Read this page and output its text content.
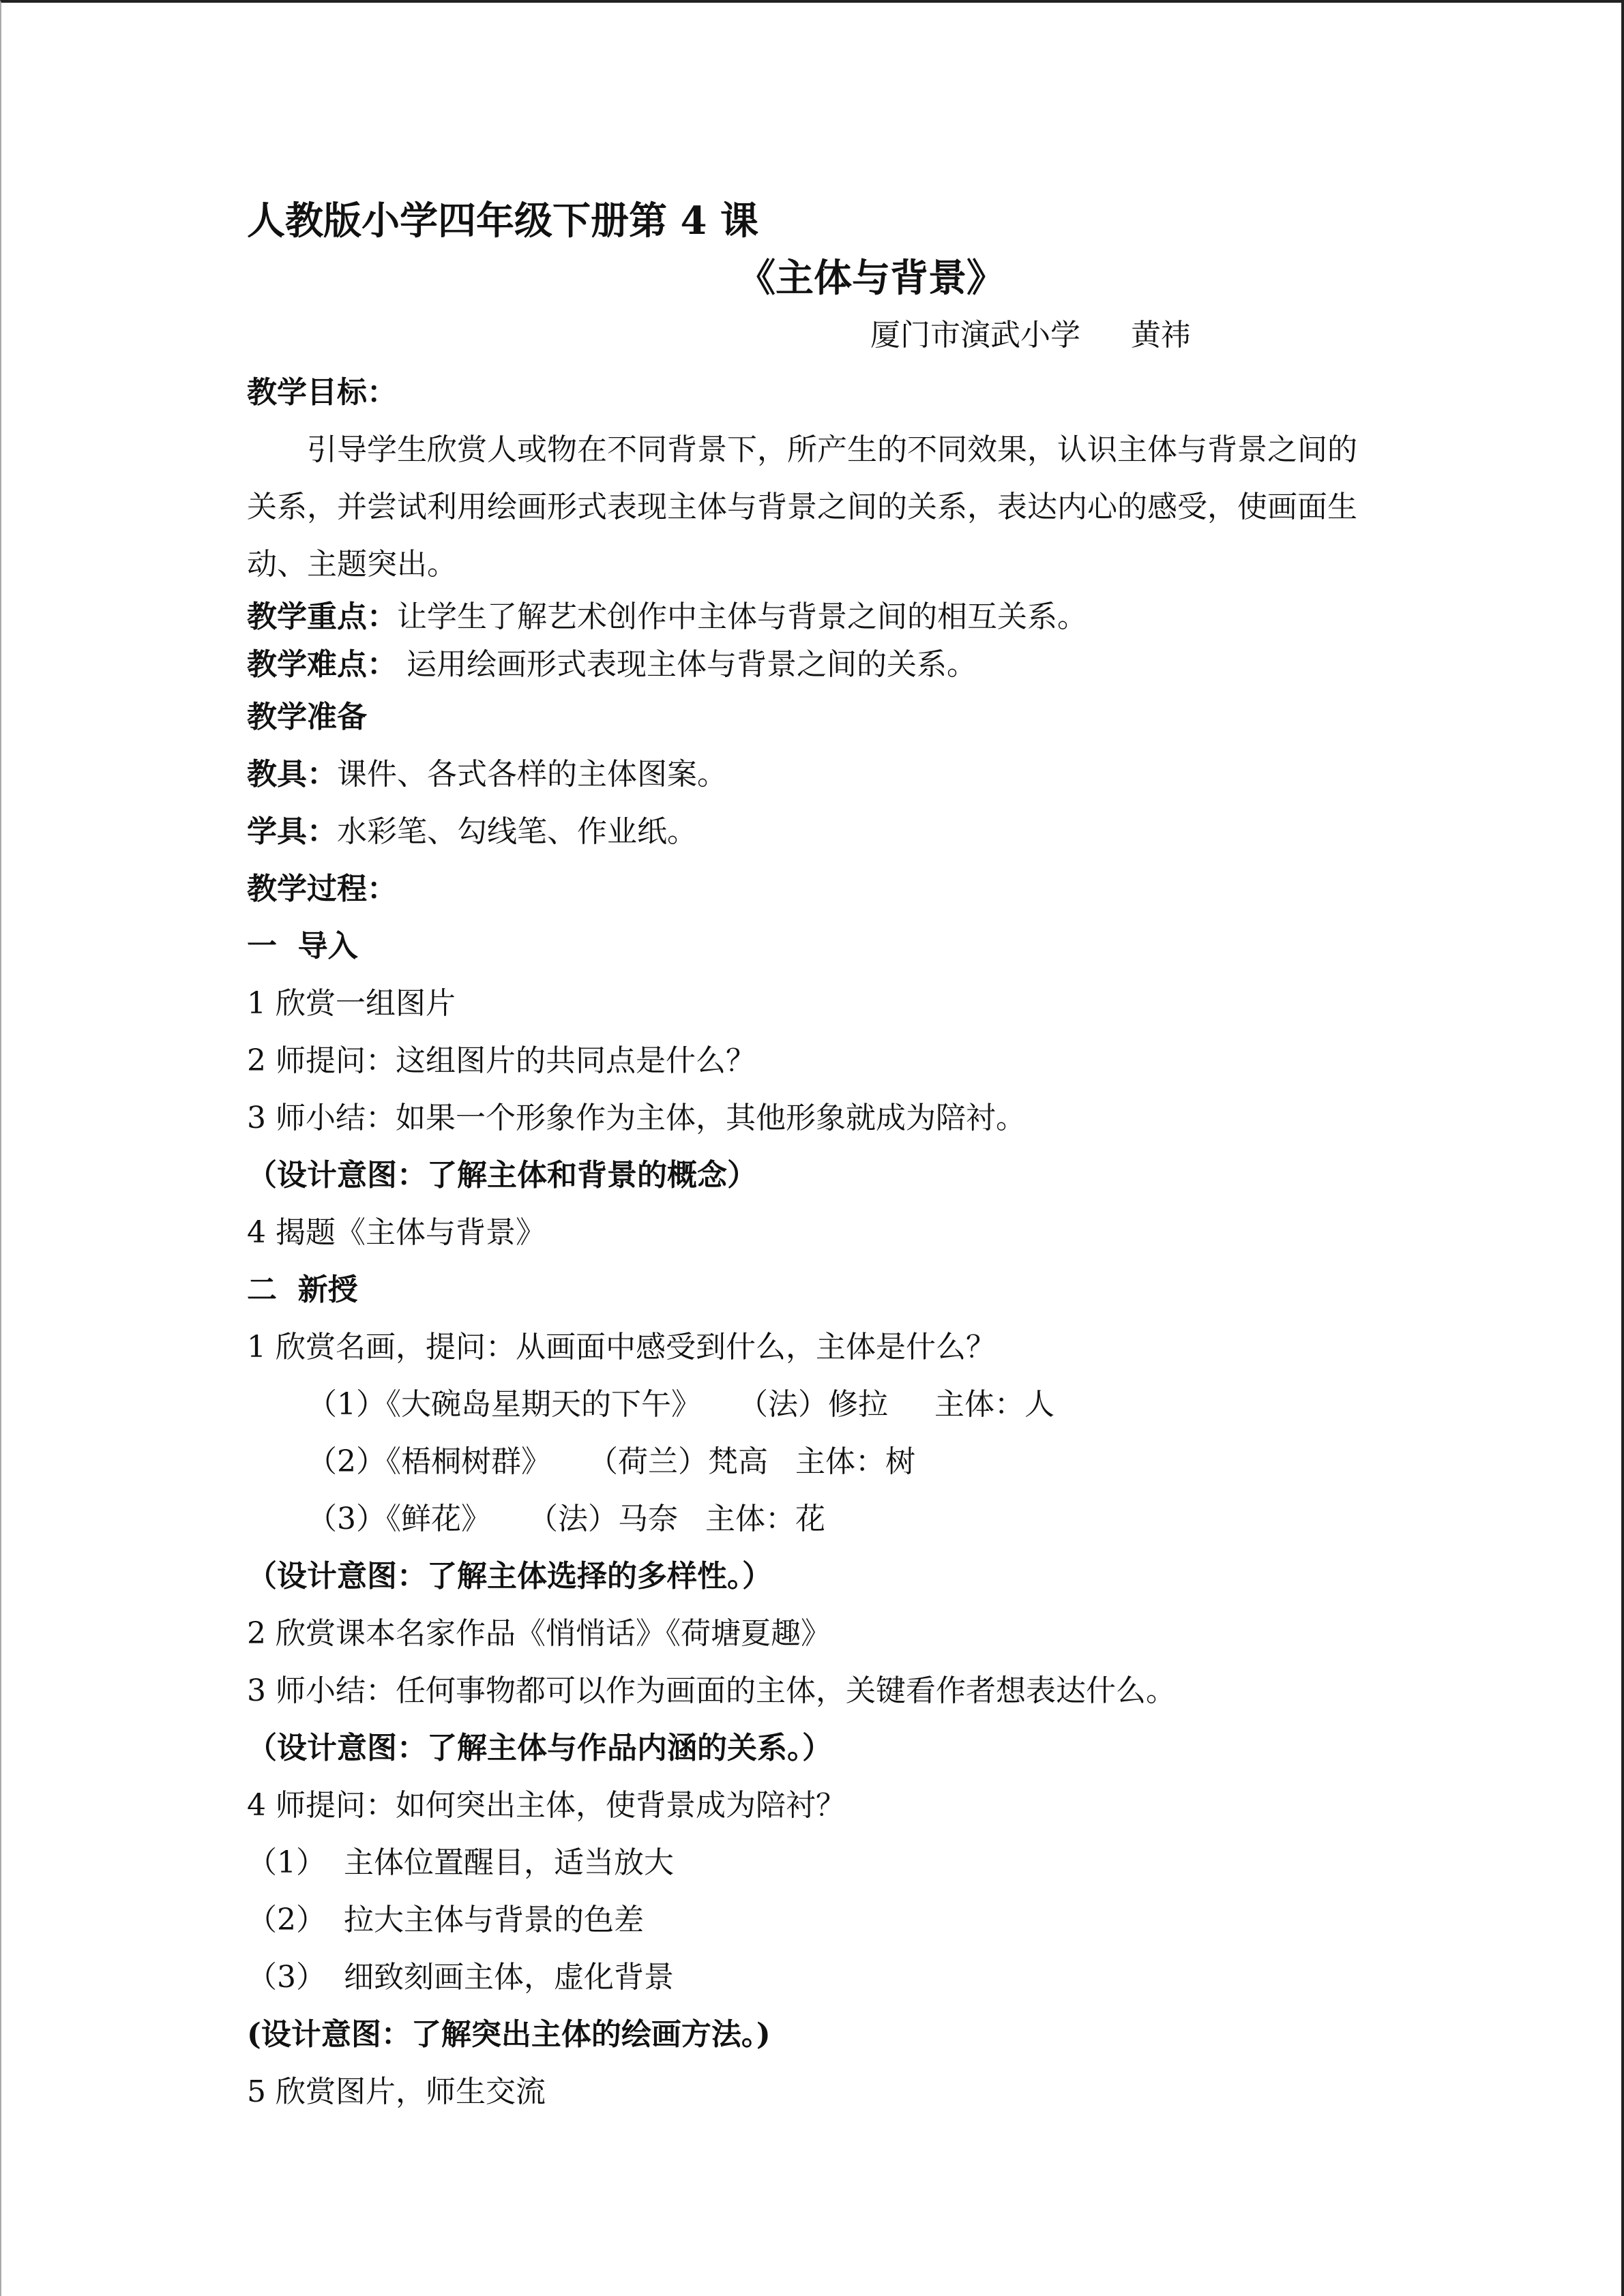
人教版小学四年级下册第 4 课
《主体与背景》
厦门市演武小学 黄祎
教学目标：

引导学生欣赏人或物在不同背景下，所产生的不同效果，认识主体与背景之间的关系，并尝试利用绘画形式表现主体与背景之间的关系，表达内心的感受，使画面生动、主题突出。

教学重点：让学生了解艺术创作中主体与背景之间的相互关系。
教学难点： 运用绘画形式表现主体与背景之间的关系。
教学准备
教具：课件、各式各样的主体图案。
学具：水彩笔、勾线笔、作业纸。
教学过程：
一  导入
1 欣赏一组图片
2 师提问：这组图片的共同点是什么？
3 师小结：如果一个形象作为主体，其他形象就成为陪衬。
（设计意图：了解主体和背景的概念）
4 揭题《主体与背景》
二  新授
1 欣赏名画，提问：从画面中感受到什么，主体是什么？
（1）《大碗岛星期天的下午》 （法）修拉 主体：人
（2）《梧桐树群》 （荷兰）梵高 主体：树
（3）《鲜花》 （法）马奈 主体：花
（设计意图：了解主体选择的多样性。）
2 欣赏课本名家作品《悄悄话》《荷塘夏趣》
3 师小结：任何事物都可以作为画面的主体，关键看作者想表达什么。
（设计意图：了解主体与作品内涵的关系。）
4 师提问：如何突出主体，使背景成为陪衬？
（1） 主体位置醒目，适当放大
（2） 拉大主体与背景的色差
（3） 细致刻画主体，虚化背景
(设计意图：了解突出主体的绘画方法。)
5 欣赏图片，师生交流
